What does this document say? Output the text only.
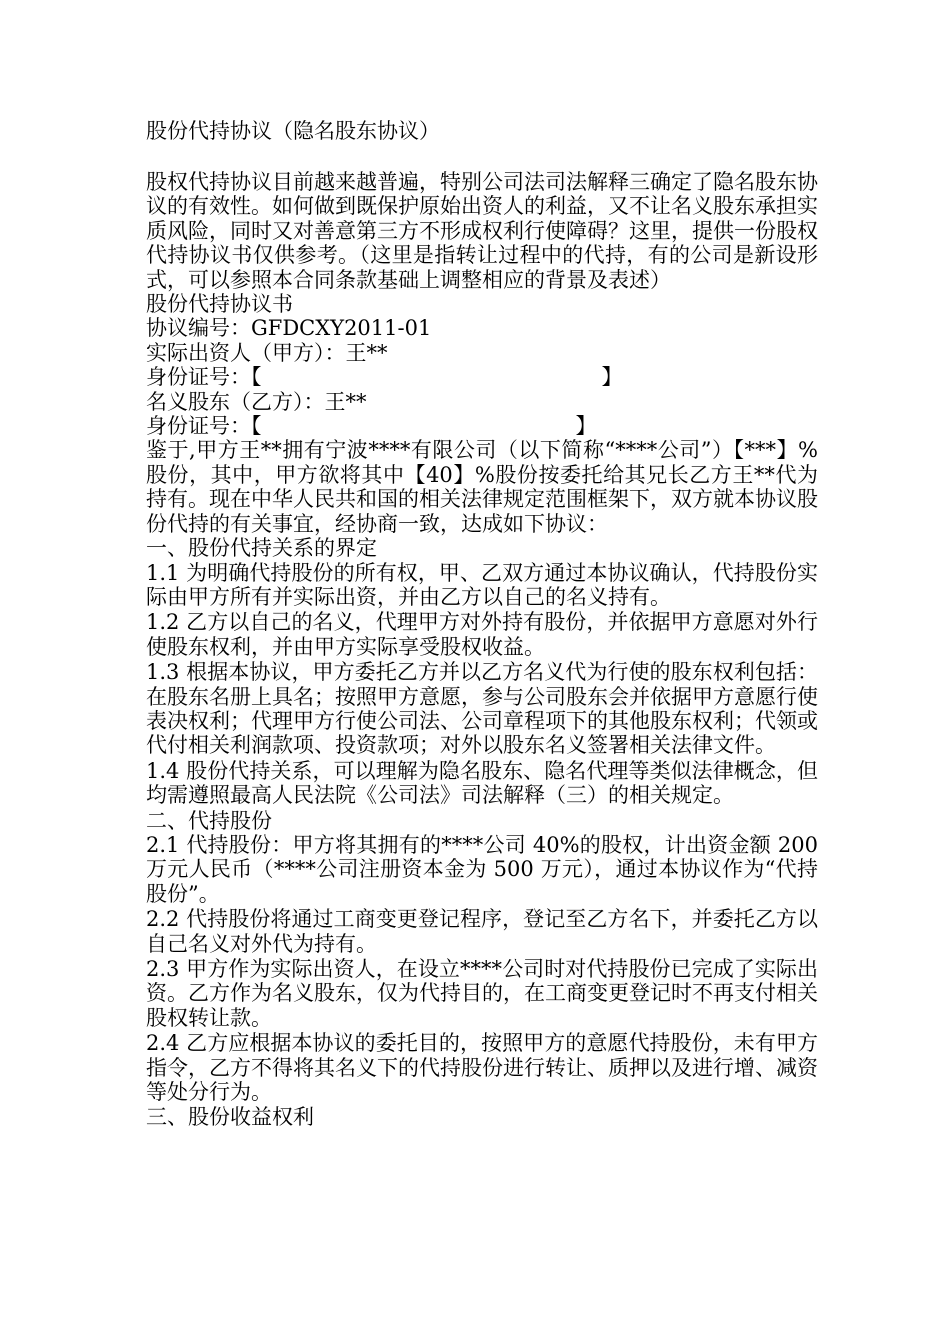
股份代持协议（隐名股东协议）

股权代持协议目前越来越普遍，特别公司法司法解释三确定了隐名股东协议的有效性。如何做到既保护原始出资人的利益，又不让名义股东承担实质风险，同时又对善意第三方不形成权利行使障碍？这里，提供一份股权代持协议书仅供参考。（这里是指转让过程中的代持，有的公司是新设形式，可以参照本合同条款基础上调整相应的背景及表述）

股份代持协议书

协议编号：GFDCXY2011-01

实际出资人（甲方）：王**

身份证号：【	】

名义股东（乙方）：王**

身份证号：【	】

鉴于,甲方王**拥有宁波****有限公司（以下简称“****公司”）【***】%股份，其中，甲方欲将其中【40】%股份按委托给其兄长乙方王**代为持有。现在中华人民共和国的相关法律规定范围框架下，双方就本协议股份代持的有关事宜，经协商一致，达成如下协议：

一、股份代持关系的界定

1.1 为明确代持股份的所有权，甲、乙双方通过本协议确认，代持股份实际由甲方所有并实际出资，并由乙方以自己的名义持有。

1.2 乙方以自己的名义，代理甲方对外持有股份，并依据甲方意愿对外行使股东权利，并由甲方实际享受股权收益。

1.3 根据本协议，甲方委托乙方并以乙方名义代为行使的股东权利包括：在股东名册上具名；按照甲方意愿，参与公司股东会并依据甲方意愿行使表决权利；代理甲方行使公司法、公司章程项下的其他股东权利；代领或代付相关利润款项、投资款项；对外以股东名义签署相关法律文件。

1.4 股份代持关系，可以理解为隐名股东、隐名代理等类似法律概念，但均需遵照最高人民法院《公司法》司法解释（三）的相关规定。

二、代持股份

2.1 代持股份：甲方将其拥有的****公司 40%的股权，计出资金额 200 万元人民币（****公司注册资本金为 500 万元），通过本协议作为“代持股份”。

2.2 代持股份将通过工商变更登记程序，登记至乙方名下，并委托乙方以自己名义对外代为持有。

2.3 甲方作为实际出资人，在设立****公司时对代持股份已完成了实际出资。乙方作为名义股东，仅为代持目的，在工商变更登记时不再支付相关股权转让款。

2.4 乙方应根据本协议的委托目的，按照甲方的意愿代持股份，未有甲方指令，乙方不得将其名义下的代持股份进行转让、质押以及进行增、减资等处分行为。

三、股份收益权利
